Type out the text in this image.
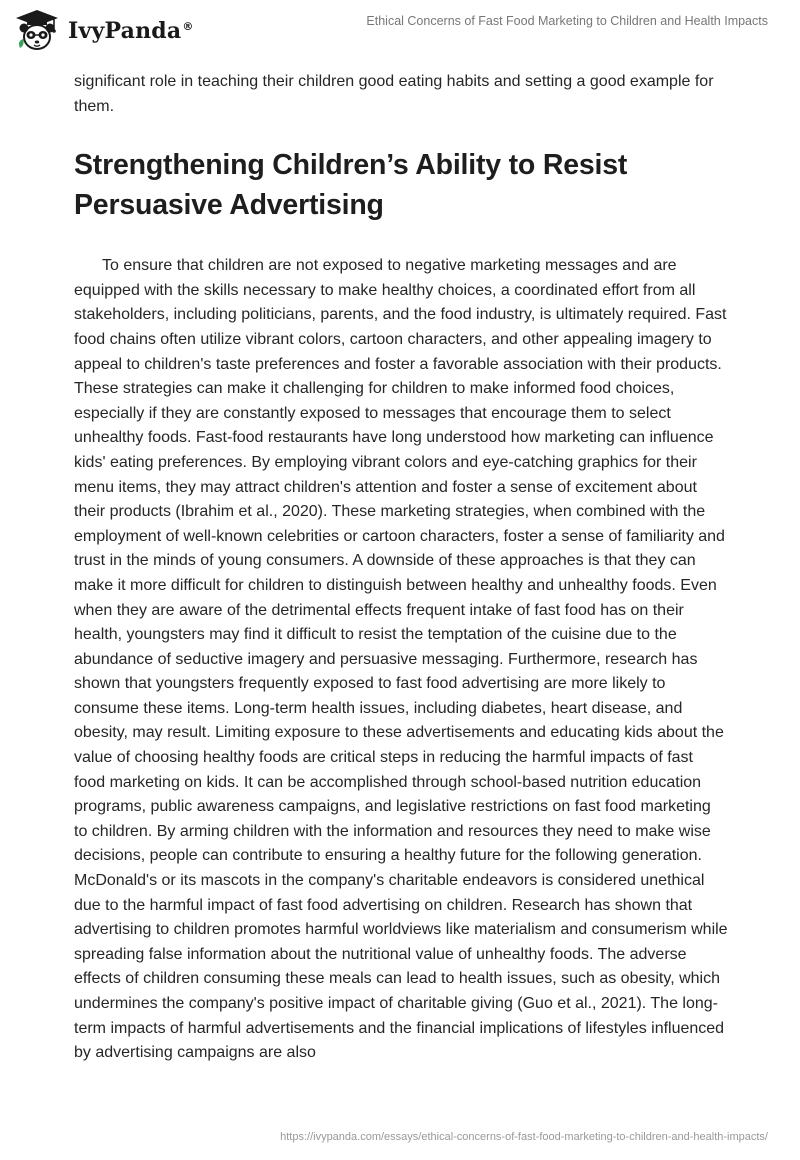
IvyPanda®	Ethical Concerns of Fast Food Marketing to Children and Health Impacts

significant role in teaching their children good eating habits and setting a good example for them.

Strengthening Children’s Ability to Resist Persuasive Advertising

To ensure that children are not exposed to negative marketing messages and are equipped with the skills necessary to make healthy choices, a coordinated effort from all stakeholders, including politicians, parents, and the food industry, is ultimately required. Fast food chains often utilize vibrant colors, cartoon characters, and other appealing imagery to appeal to children's taste preferences and foster a favorable association with their products. These strategies can make it challenging for children to make informed food choices, especially if they are constantly exposed to messages that encourage them to select unhealthy foods. Fast-food restaurants have long understood how marketing can influence kids' eating preferences. By employing vibrant colors and eye-catching graphics for their menu items, they may attract children's attention and foster a sense of excitement about their products (Ibrahim et al., 2020). These marketing strategies, when combined with the employment of well-known celebrities or cartoon characters, foster a sense of familiarity and trust in the minds of young consumers. A downside of these approaches is that they can make it more difficult for children to distinguish between healthy and unhealthy foods. Even when they are aware of the detrimental effects frequent intake of fast food has on their health, youngsters may find it difficult to resist the temptation of the cuisine due to the abundance of seductive imagery and persuasive messaging. Furthermore, research has shown that youngsters frequently exposed to fast food advertising are more likely to consume these items. Long-term health issues, including diabetes, heart disease, and obesity, may result. Limiting exposure to these advertisements and educating kids about the value of choosing healthy foods are critical steps in reducing the harmful impacts of fast food marketing on kids. It can be accomplished through school-based nutrition education programs, public awareness campaigns, and legislative restrictions on fast food marketing to children. By arming children with the information and resources they need to make wise decisions, people can contribute to ensuring a healthy future for the following generation. McDonald's or its mascots in the company's charitable endeavors is considered unethical due to the harmful impact of fast food advertising on children. Research has shown that advertising to children promotes harmful worldviews like materialism and consumerism while spreading false information about the nutritional value of unhealthy foods. The adverse effects of children consuming these meals can lead to health issues, such as obesity, which undermines the company's positive impact of charitable giving (Guo et al., 2021). The long-term impacts of harmful advertisements and the financial implications of lifestyles influenced by advertising campaigns are also

https://ivypanda.com/essays/ethical-concerns-of-fast-food-marketing-to-children-and-health-impacts/
